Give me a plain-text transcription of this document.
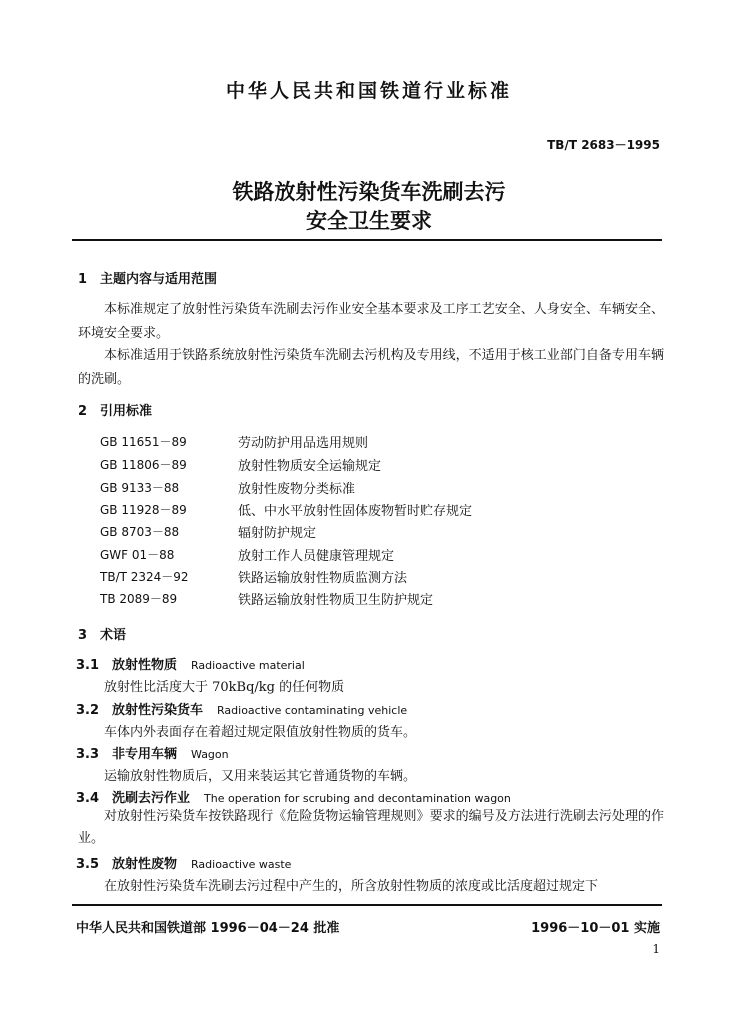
中华人民共和国铁道行业标准
TB/T 2683－1995
铁路放射性污染货车洗刷去污
安全卫生要求
1 主题内容与适用范围
本标准规定了放射性污染货车洗刷去污作业安全基本要求及工序工艺安全、人身安全、车辆安全、环境安全要求。
本标准适用于铁路系统放射性污染货车洗刷去污机构及专用线，不适用于核工业部门自备专用车辆的洗刷。
2 引用标准
GB 11651－89	劳动防护用品选用规则
GB 11806－89	放射性物质安全运输规定
GB 9133－88	放射性废物分类标准
GB 11928－89	低、中水平放射性固体废物暂时贮存规定
GB 8703－88	辐射防护规定
GWF 01－88	放射工作人员健康管理规定
TB/T 2324－92	铁路运输放射性物质监测方法
TB 2089－89	铁路运输放射性物质卫生防护规定
3 术语
3.1 放射性物质 Radioactive material
放射性比活度大于 70kBq/kg 的任何物质
3.2 放射性污染货车 Radioactive contaminating vehicle
车体内外表面存在着超过规定限值放射性物质的货车。
3.3 非专用车辆 Wagon
运输放射性物质后，又用来装运其它普通货物的车辆。
3.4 洗刷去污作业 The operation for scrubing and decontamination wagon
对放射性污染货车按铁路现行《危险货物运输管理规则》要求的编号及方法进行洗刷去污处理的作业。
3.5 放射性废物 Radioactive waste
在放射性污染货车洗刷去污过程中产生的，所含放射性物质的浓度或比活度超过规定下
中华人民共和国铁道部 1996－04－24 批准	1996－10－01 实施
1
